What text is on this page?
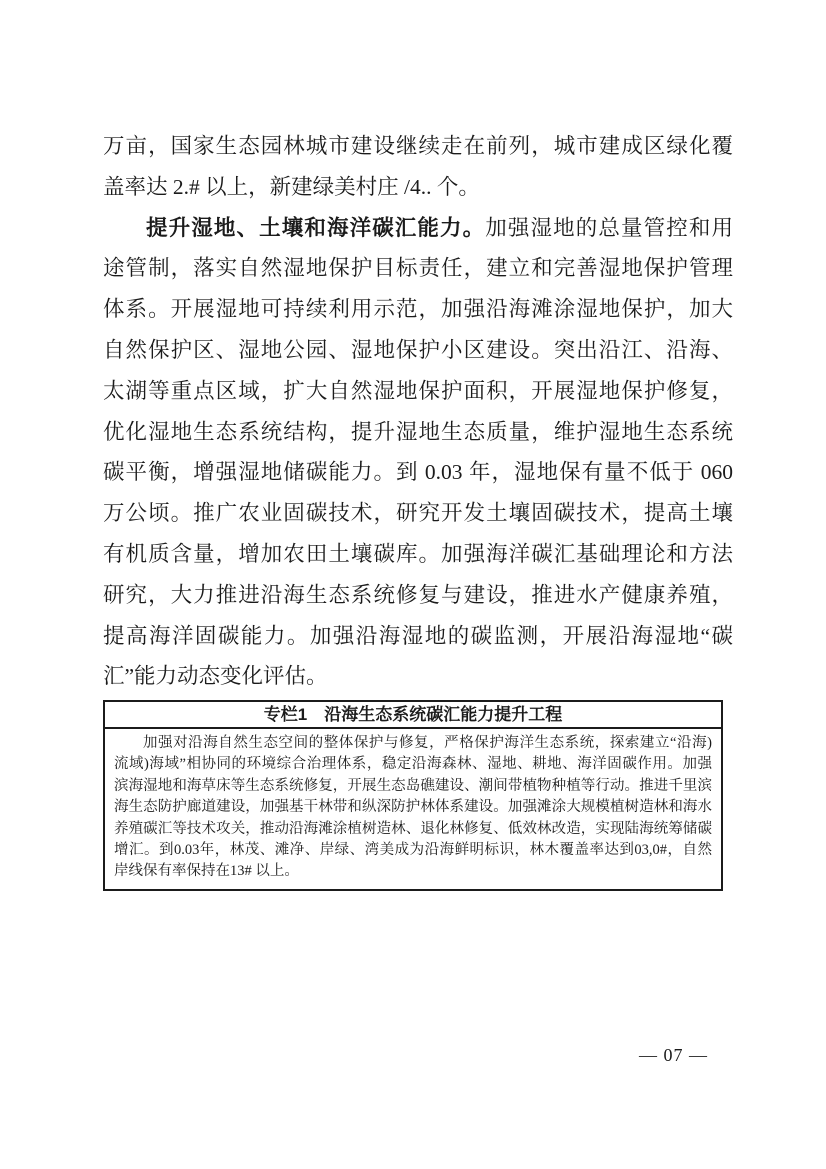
万亩，国家生态园林城市建设继续走在前列，城市建成区绿化覆
盖率达 2.# 以上，新建绿美村庄 /4.. 个。
提升湿地、土壤和海洋碳汇能力。加强湿地的总量管控和用
途管制，落实自然湿地保护目标责任，建立和完善湿地保护管理
体系。开展湿地可持续利用示范，加强沿海滩涂湿地保护，加大
自然保护区、湿地公园、湿地保护小区建设。突出沿江、沿海、
太湖等重点区域，扩大自然湿地保护面积，开展湿地保护修复，
优化湿地生态系统结构，提升湿地生态质量，维护湿地生态系统
碳平衡，增强湿地储碳能力。到 0.03 年，湿地保有量不低于 060
万公顷。推广农业固碳技术，研究开发土壤固碳技术，提高土壤
有机质含量，增加农田土壤碳库。加强海洋碳汇基础理论和方法
研究，大力推进沿海生态系统修复与建设，推进水产健康养殖，
提高海洋固碳能力。加强沿海湿地的碳监测，开展沿海湿地“碳
汇”能力动态变化评估。
专栏1　沿海生态系统碳汇能力提升工程
加强对沿海自然生态空间的整体保护与修复，严格保护海洋生态系统，探索建立“沿海)
流域)海域”相协同的环境综合治理体系，稳定沿海森林、湿地、耕地、海洋固碳作用。加强
滨海湿地和海草床等生态系统修复，开展生态岛礁建设、潮间带植物种植等行动。推进千里滨
海生态防护廊道建设，加强基干林带和纵深防护林体系建设。加强滩涂大规模植树造林和海水
养殖碳汇等技术攻关，推动沿海滩涂植树造林、退化林修复、低效林改造，实现陆海统筹储碳
增汇。到0.03年，林茂、滩净、岸绿、湾美成为沿海鲜明标识，林木覆盖率达到03,0#，自然
岸线保有率保持在13# 以上。
— 07 —
